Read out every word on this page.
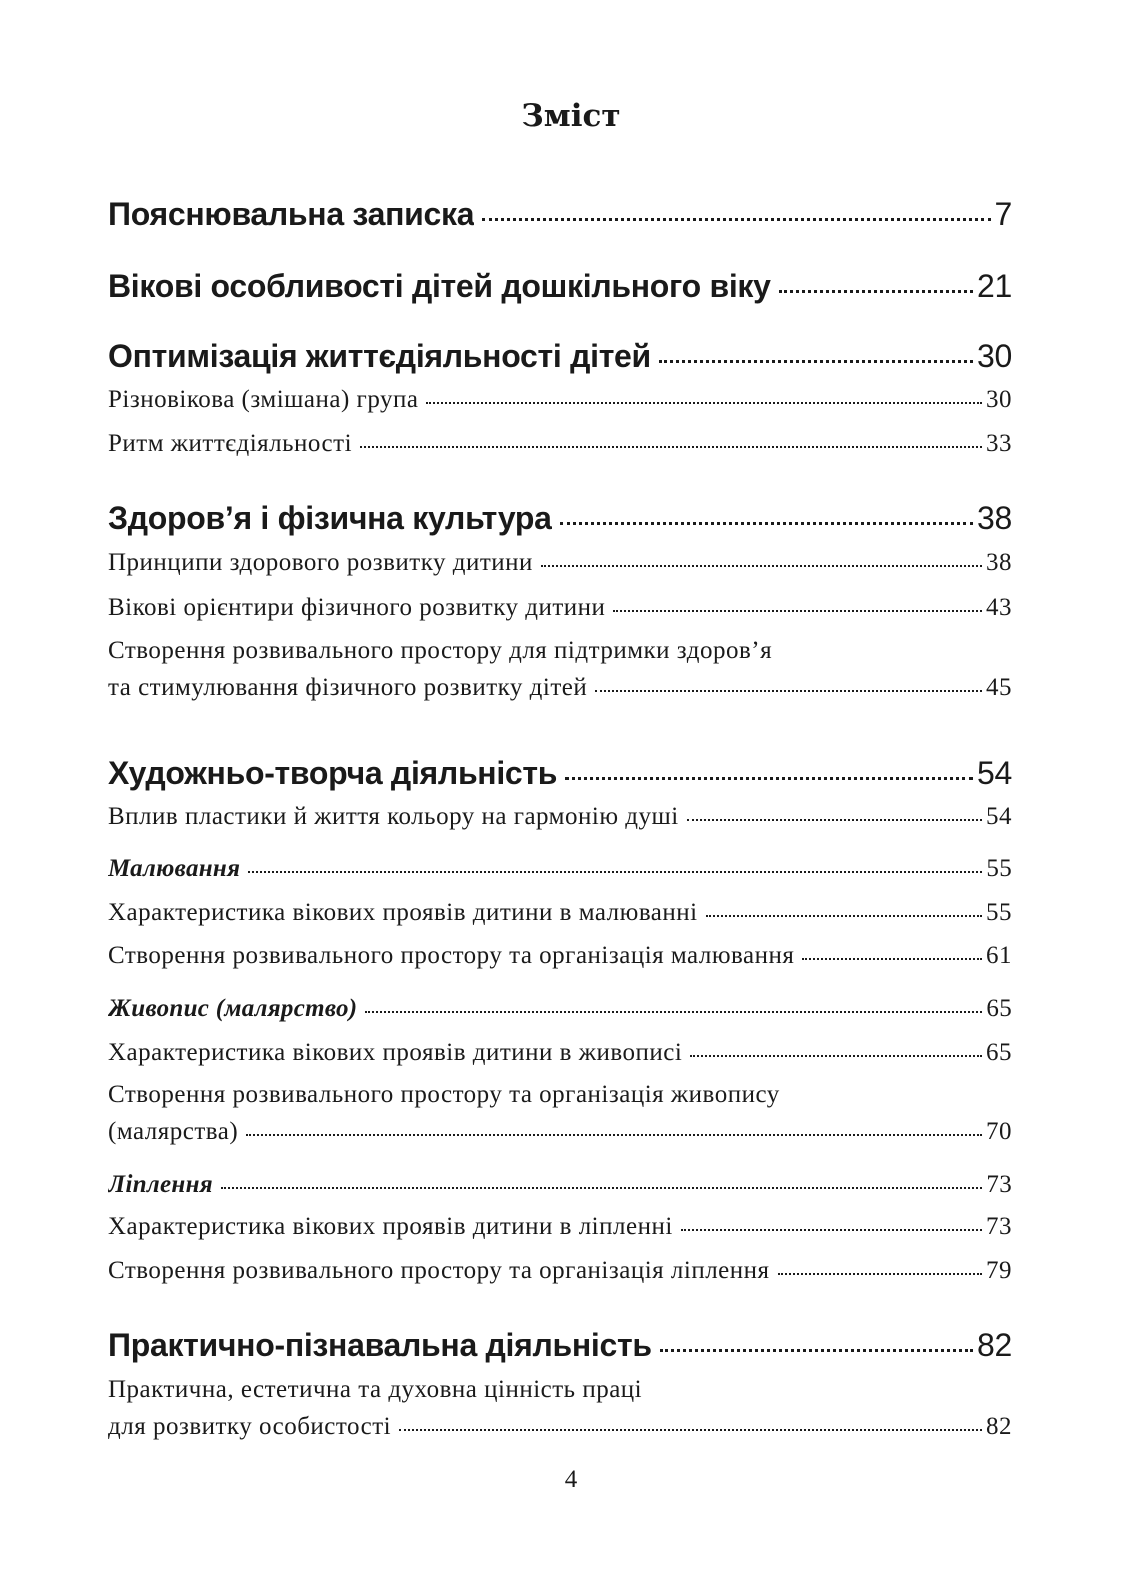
Зміст
Пояснювальна записка	7
Вікові особливості дітей дошкільного віку	21
Оптимізація життєдіяльності дітей	30
Різновікова (змішана) група	30
Ритм життєдіяльності	33
Здоров’я і фізична культура	38
Принципи здорового розвитку дитини	38
Вікові орієнтири фізичного розвитку дитини	43
Створення розвивального простору для підтримки здоров’я
та стимулювання фізичного розвитку дітей	45
Художньо-творча діяльність	54
Вплив пластики й життя кольору на гармонію душі	54
Малювання	55
Характеристика вікових проявів дитини в малюванні	55
Створення розвивального простору та організація малювання	61
Живопис (малярство)	65
Характеристика вікових проявів дитини в живописі	65
Створення розвивального простору та організація живопису
(малярства)	70
Ліплення	73
Характеристика вікових проявів дитини в ліпленні	73
Створення розвивального простору та організація ліплення	79
Практично-пізнавальна діяльність	82
Практична, естетична та духовна цінність праці
для розвитку особистості	82
4
